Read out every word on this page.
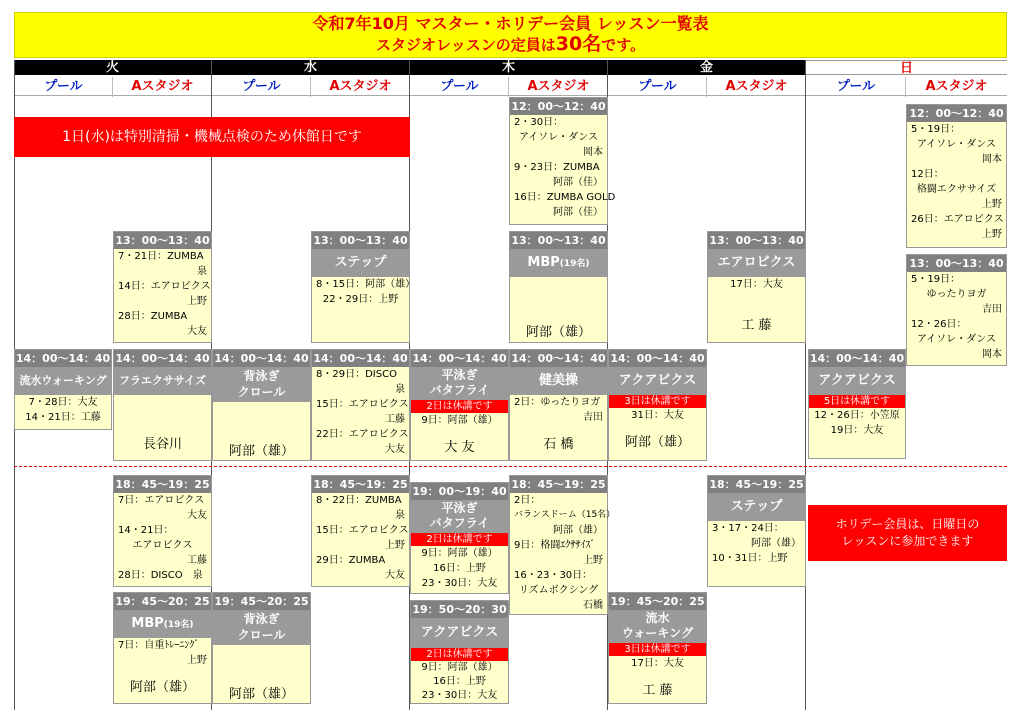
令和7年10月 マスター・ホリデー会員 レッスン一覧表
スタジオレッスンの定員は30名です。
火	水	木	金	日
プール	Aスタジオ	プール	Aスタジオ	プール	Aスタジオ	プール	Aスタジオ	プール	Aスタジオ
1日(水)は特別清掃・機械点検のため休館日です
13：00～13：40
7・21日：ZUMBA
泉
14日：エアロビクス
上野
28日：ZUMBA
大友
14：00～14：40
流水ウォーキング
7・28日：大友
14・21日：工藤
14：00～14：40
フラエクササイズ
長谷川
18：45～19：25
7日：エアロビクス
大友
14・21日：
エアロビクス
工藤
28日：DISCO　泉
19：45～20：25
MBP(19名)
7日：自重ﾄﾚｰﾆﾝｸﾞ
上野
阿部（雄）
13：00～13：40
ステップ
8・15日：阿部（雄）
22・29日：上野
14：00～14：40
背泳ぎ
クロール
阿部（雄）
14：00～14：40
8・29日：DISCO
泉
15日：エアロビクス
工藤
22日：エアロビクス
大友
18：45～19：25
8・22日：ZUMBA
泉
15日：エアロビクス
上野
29日：ZUMBA
大友
19：45～20：25
背泳ぎ
クロール
阿部（雄）
12：00～12：40
2・30日：
アイソレ・ダンス
岡本
9・23日：ZUMBA
阿部（佳）
16日：ZUMBA GOLD
阿部（佳）
13：00～13：40
MBP(19名)
阿部（雄）
14：00～14：40
平泳ぎ
バタフライ
2日は休講です
9日：阿部（雄）
大 友
14：00～14：40
健美操
2日：ゆったりヨガ
吉田
石 橋
19：00～19：40
平泳ぎ
バタフライ
2日は休講です
9日：阿部（雄）
16日：上野
23・30日：大友
18：45～19：25
2日：
バランスドーム（15名）
阿部（雄）
9日：格闘ｴｸｻｻｲｽﾞ
上野
16・23・30日：
リズムボクシング
石橋
19：50～20：30
アクアビクス
2日は休講です
9日：阿部（雄）
16日：上野
23・30日：大友
13：00～13：40
エアロビクス
17日：大友
工 藤
14：00～14：40
アクアビクス
3日は休講です
31日：大友
阿部（雄）
18：45～19：25
ステップ
3・17・24日：
阿部（雄）
10・31日：上野
19：45～20：25
流水
ウォーキング
3日は休講です
17日：大友
工 藤
12：00～12：40
5・19日：
アイソレ・ダンス
岡本
12日：
格闘エクササイズ
上野
26日：エアロビクス
上野
13：00～13：40
5・19日：
ゆったりヨガ
吉田
12・26日：
アイソレ・ダンス
岡本
14：00～14：40
アクアビクス
5日は休講です
12・26日：小笠原
19日：大友
ホリデー会員は、日曜日の
レッスンに参加できます
